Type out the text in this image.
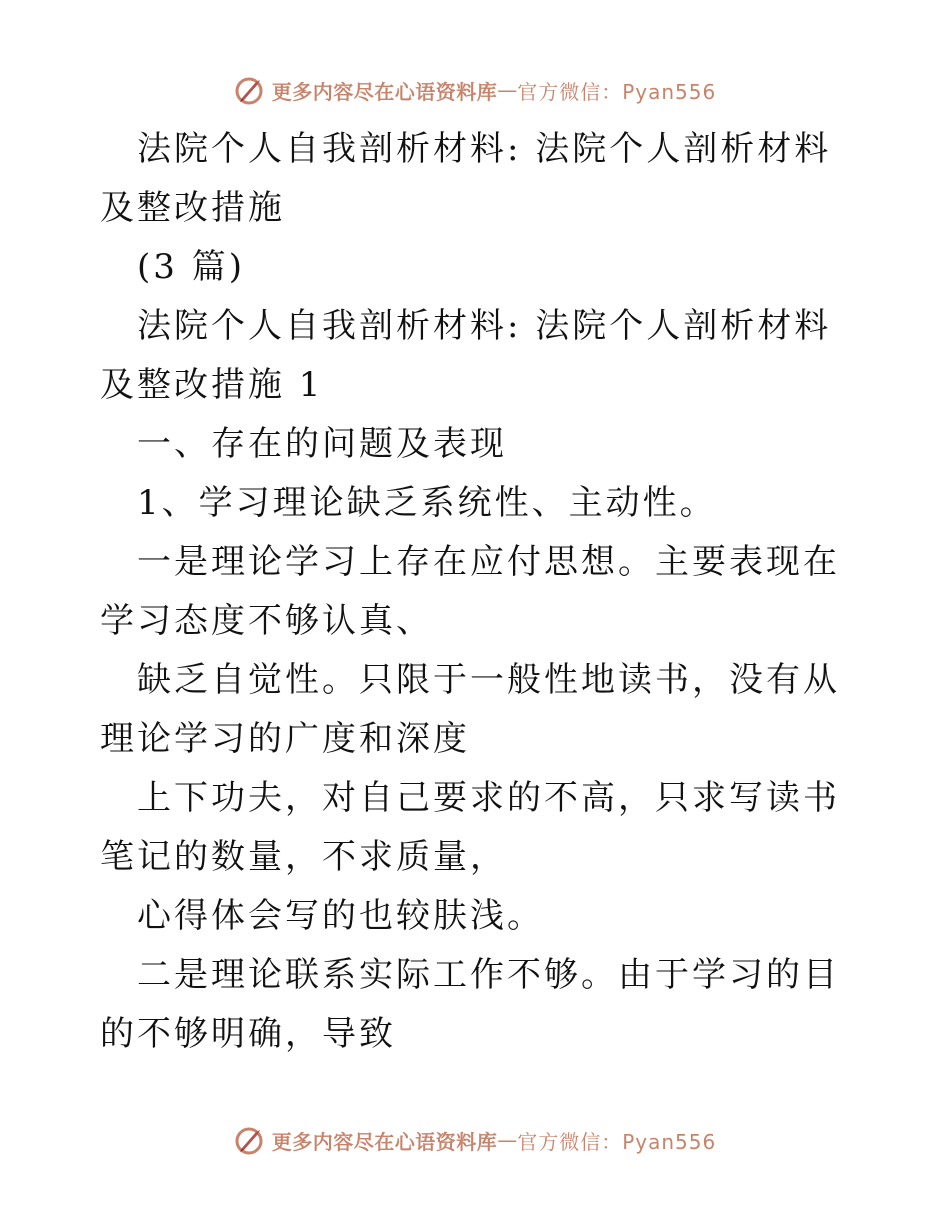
更多内容尽在心语资料库 — 官方微信：Pyan556

法院个人自我剖析材料: 法院个人剖析材料及整改措施

(3 篇)

法院个人自我剖析材料: 法院个人剖析材料及整改措施 1

一、存在的问题及表现

1、学习理论缺乏系统性、主动性。

一是理论学习上存在应付思想。主要表现在学习态度不够认真、

缺乏自觉性。只限于一般性地读书，没有从理论学习的广度和深度

上下功夫，对自己要求的不高，只求写读书笔记的数量，不求质量，

心得体会写的也较肤浅。

二是理论联系实际工作不够。由于学习的目的不够明确，导致

更多内容尽在心语资料库 — 官方微信：Pyan556
